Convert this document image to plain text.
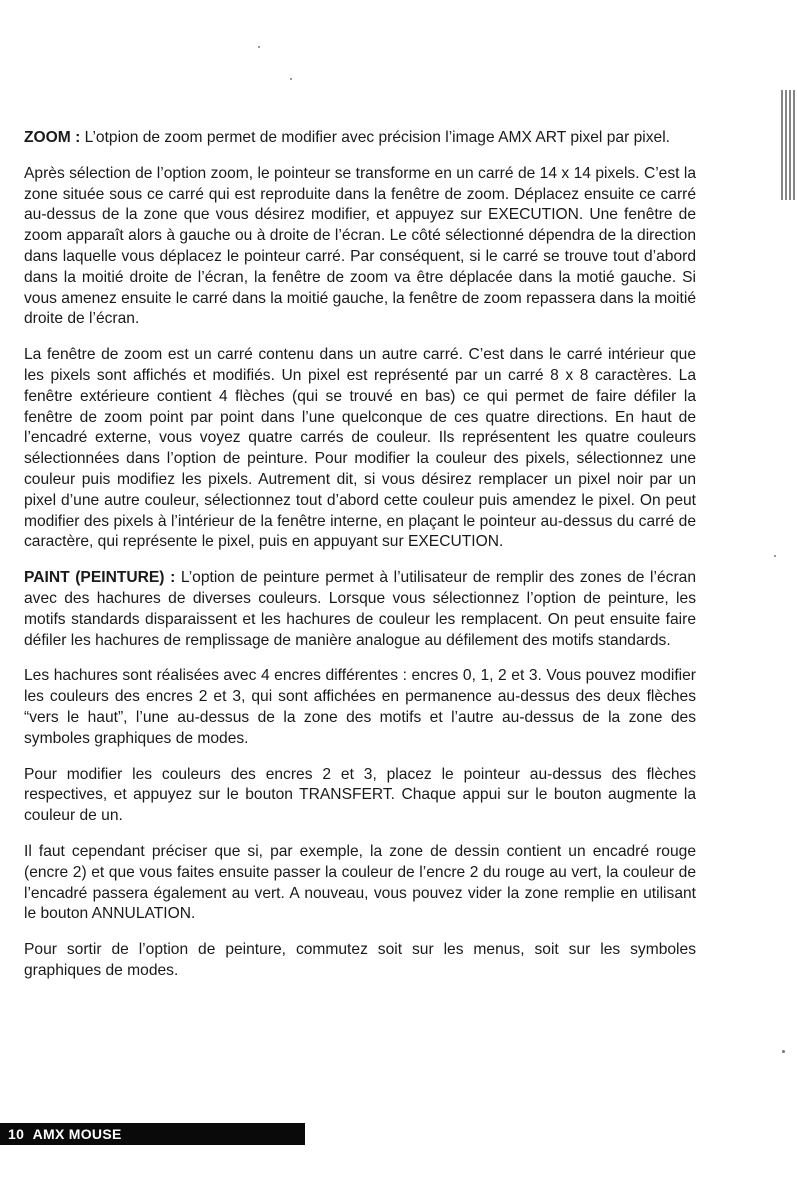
ZOOM : L’otpion de zoom permet de modifier avec précision l’image AMX ART pixel par pixel.

Après sélection de l’option zoom, le pointeur se transforme en un carré de 14 x 14 pixels. C’est la zone située sous ce carré qui est reproduite dans la fenêtre de zoom. Déplacez ensuite ce carré au-dessus de la zone que vous désirez modifier, et appuyez sur EXECUTION. Une fenêtre de zoom apparaît alors à gauche ou à droite de l’écran. Le côté sélectionné dépendra de la direction dans laquelle vous déplacez le pointeur carré. Par conséquent, si le carré se trouve tout d’abord dans la moitié droite de l’écran, la fenêtre de zoom va être déplacée dans la motié gauche. Si vous amenez ensuite le carré dans la moitié gauche, la fenêtre de zoom repassera dans la moitié droite de l’écran.

La fenêtre de zoom est un carré contenu dans un autre carré. C’est dans le carré intérieur que les pixels sont affichés et modifiés. Un pixel est représenté par un carré 8 x 8 caractères. La fenêtre extérieure contient 4 flèches (qui se trouvé en bas) ce qui permet de faire défiler la fenêtre de zoom point par point dans l’une quelconque de ces quatre directions. En haut de l’encadré externe, vous voyez quatre carrés de couleur. Ils représentent les quatre couleurs sélectionnées dans l’option de peinture. Pour modifier la couleur des pixels, sélectionnez une couleur puis modifiez les pixels. Autrement dit, si vous désirez remplacer un pixel noir par un pixel d’une autre couleur, sélectionnez tout d’abord cette couleur puis amendez le pixel. On peut modifier des pixels à l’intérieur de la fenêtre interne, en plaçant le pointeur au-dessus du carré de caractère, qui représente le pixel, puis en appuyant sur EXECUTION.

PAINT (PEINTURE) : L’option de peinture permet à l’utilisateur de remplir des zones de l’écran avec des hachures de diverses couleurs. Lorsque vous sélectionnez l’option de peinture, les motifs standards disparaissent et les hachures de couleur les remplacent. On peut ensuite faire défiler les hachures de remplissage de manière analogue au défilement des motifs standards.

Les hachures sont réalisées avec 4 encres différentes : encres 0, 1, 2 et 3. Vous pouvez modifier les couleurs des encres 2 et 3, qui sont affichées en permanence au-dessus des deux flèches “vers le haut”, l’une au-dessus de la zone des motifs et l’autre au-dessus de la zone des symboles graphiques de modes.

Pour modifier les couleurs des encres 2 et 3, placez le pointeur au-dessus des flèches respectives, et appuyez sur le bouton TRANSFERT. Chaque appui sur le bouton augmente la couleur de un.

Il faut cependant préciser que si, par exemple, la zone de dessin contient un encadré rouge (encre 2) et que vous faites ensuite passer la couleur de l’encre 2 du rouge au vert, la couleur de l’encadré passera également au vert. A nouveau, vous pouvez vider la zone remplie en utilisant le bouton ANNULATION.

Pour sortir de l’option de peinture, commutez soit sur les menus, soit sur les symboles graphiques de modes.

10 AMX MOUSE
